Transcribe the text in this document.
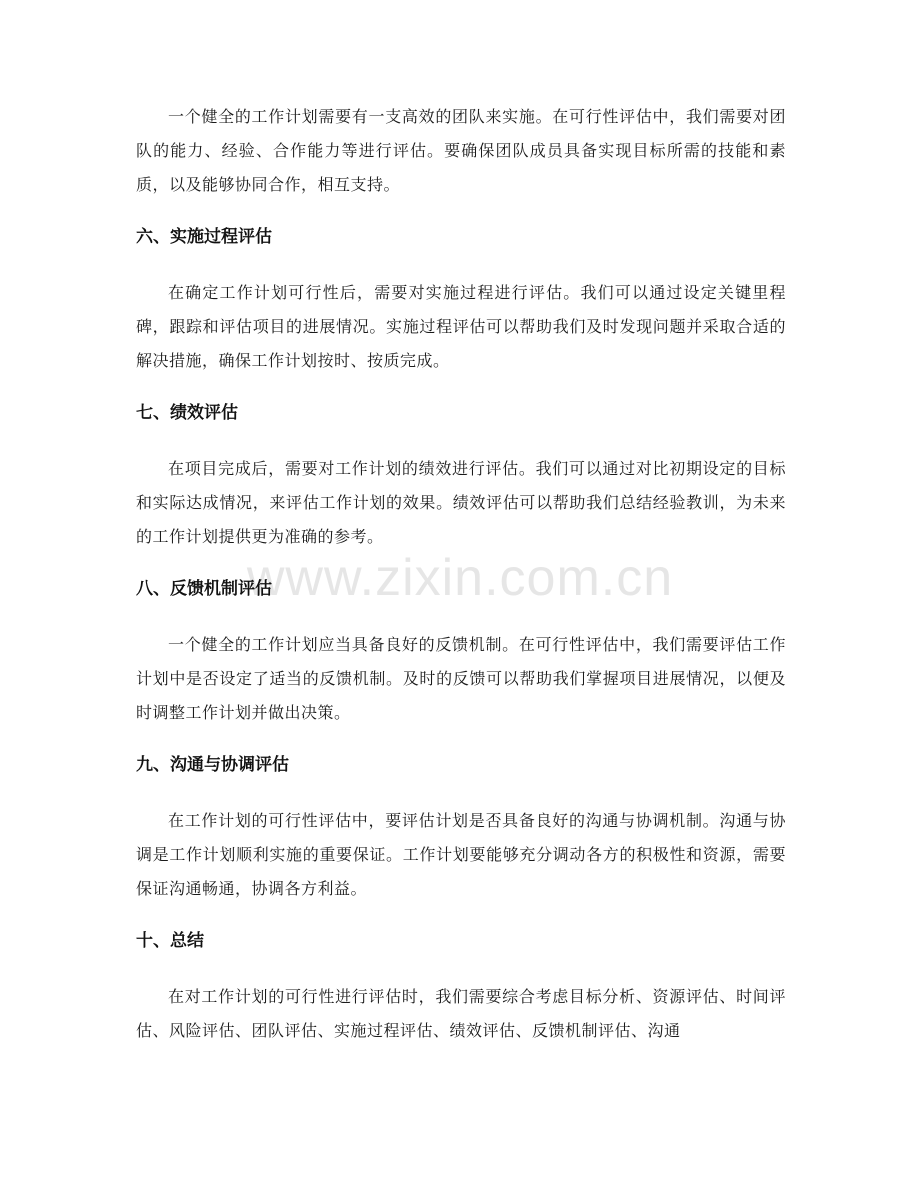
www.zixin.com.cn

一个健全的工作计划需要有一支高效的团队来实施。在可行性评估中，我们需要对团队的能力、经验、合作能力等进行评估。要确保团队成员具备实现目标所需的技能和素质，以及能够协同合作，相互支持。

六、实施过程评估

在确定工作计划可行性后，需要对实施过程进行评估。我们可以通过设定关键里程碑，跟踪和评估项目的进展情况。实施过程评估可以帮助我们及时发现问题并采取合适的解决措施，确保工作计划按时、按质完成。

七、绩效评估

在项目完成后，需要对工作计划的绩效进行评估。我们可以通过对比初期设定的目标和实际达成情况，来评估工作计划的效果。绩效评估可以帮助我们总结经验教训，为未来的工作计划提供更为准确的参考。

八、反馈机制评估

一个健全的工作计划应当具备良好的反馈机制。在可行性评估中，我们需要评估工作计划中是否设定了适当的反馈机制。及时的反馈可以帮助我们掌握项目进展情况，以便及时调整工作计划并做出决策。

九、沟通与协调评估

在工作计划的可行性评估中，要评估计划是否具备良好的沟通与协调机制。沟通与协调是工作计划顺利实施的重要保证。工作计划要能够充分调动各方的积极性和资源，需要保证沟通畅通，协调各方利益。

十、总结

在对工作计划的可行性进行评估时，我们需要综合考虑目标分析、资源评估、时间评估、风险评估、团队评估、实施过程评估、绩效评估、反馈机制评估、沟通
